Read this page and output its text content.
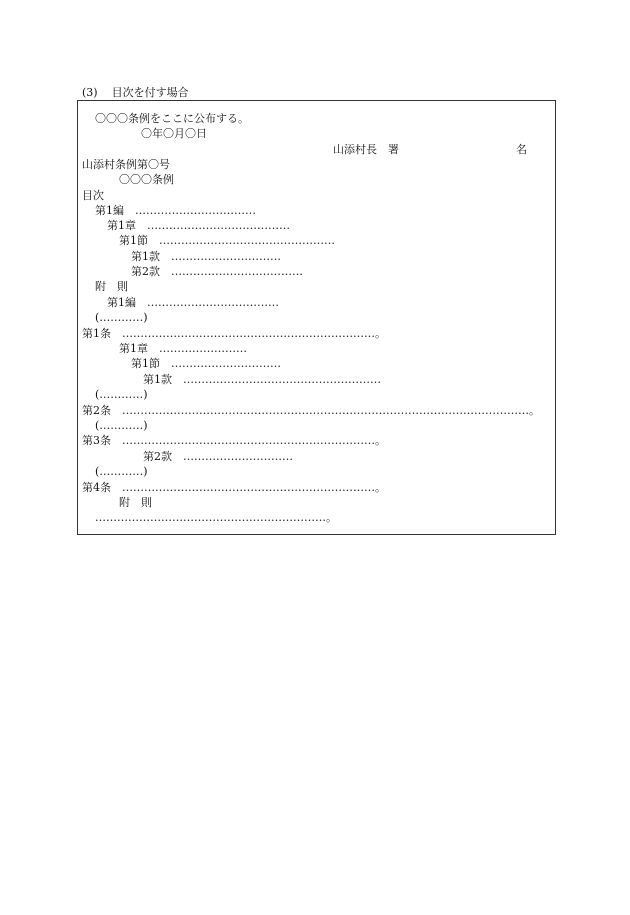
(3) 目次を付す場合
〇〇〇条例をここに公布する。
〇年〇月〇日
山添村長　署	名
山添村条例第〇号
〇〇〇条例
目次
第1編　……………………………
第1章　…………………………………
第1節　…………………………………………
第1款　…………………………
第2款　………………………………
附　則
第1編　………………………………
(…………)
第1条　……………………………………………………………。
第1章　……………………
第1節　…………………………
第1款　………………………………………………
(…………)
第2条　…………………………………………………………………………………………………。
(…………)
第3条　……………………………………………………………。
第2款　…………………………
(…………)
第4条　……………………………………………………………。
附　則
………………………………………………………。
